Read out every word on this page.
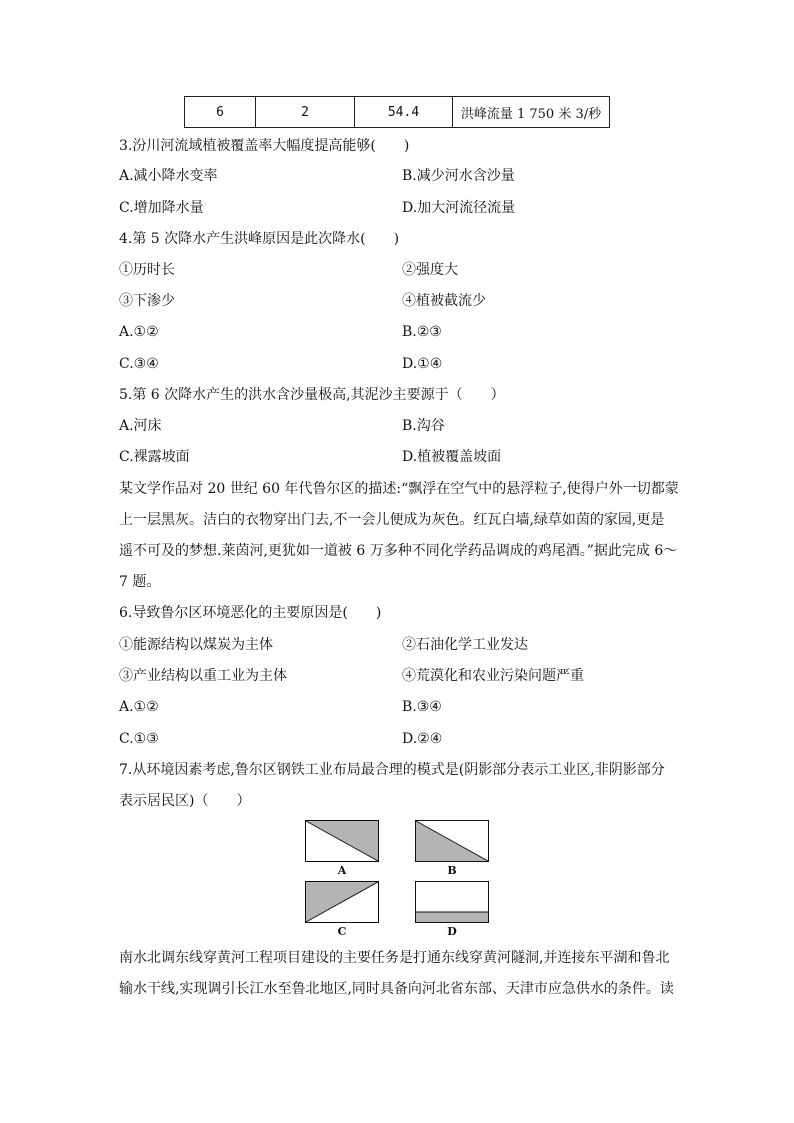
6	2	54.4	洪峰流量 1 750 米 3/秒
3.汾川河流域植被覆盖率大幅度提高能够(　　)
A.减小降水变率	B.减少河水含沙量
C.增加降水量	D.加大河流径流量
4.第 5 次降水产生洪峰原因是此次降水(　　)
①历时长	②强度大
③下渗少	④植被截流少
A.①②	B.②③
C.③④	D.①④
5.第 6 次降水产生的洪水含沙量极高,其泥沙主要源于（　　）
A.河床	B.沟谷
C.裸露坡面	D.植被覆盖坡面
某文学作品对 20 世纪 60 年代鲁尔区的描述:“飘浮在空气中的悬浮粒子,使得户外一切都蒙
上一层黑灰。洁白的衣物穿出门去,不一会儿便成为灰色。红瓦白墙,绿草如茵的家园,更是
遥不可及的梦想.莱茵河,更犹如一道被 6 万多种不同化学药品调成的鸡尾酒。”据此完成 6～
7 题。
6.导致鲁尔区环境恶化的主要原因是(　　)
①能源结构以煤炭为主体	②石油化学工业发达
③产业结构以重工业为主体	④荒漠化和农业污染问题严重
A.①②	B.③④
C.①③	D.②④
7.从环境因素考虑,鲁尔区钢铁工业布局最合理的模式是(阴影部分表示工业区,非阴影部分
表示居民区)（　　）
A	B
C	D
南水北调东线穿黄河工程项目建设的主要任务是打通东线穿黄河隧洞,并连接东平湖和鲁北
输水干线,实现调引长江水至鲁北地区,同时具备向河北省东部、天津市应急供水的条件。读
